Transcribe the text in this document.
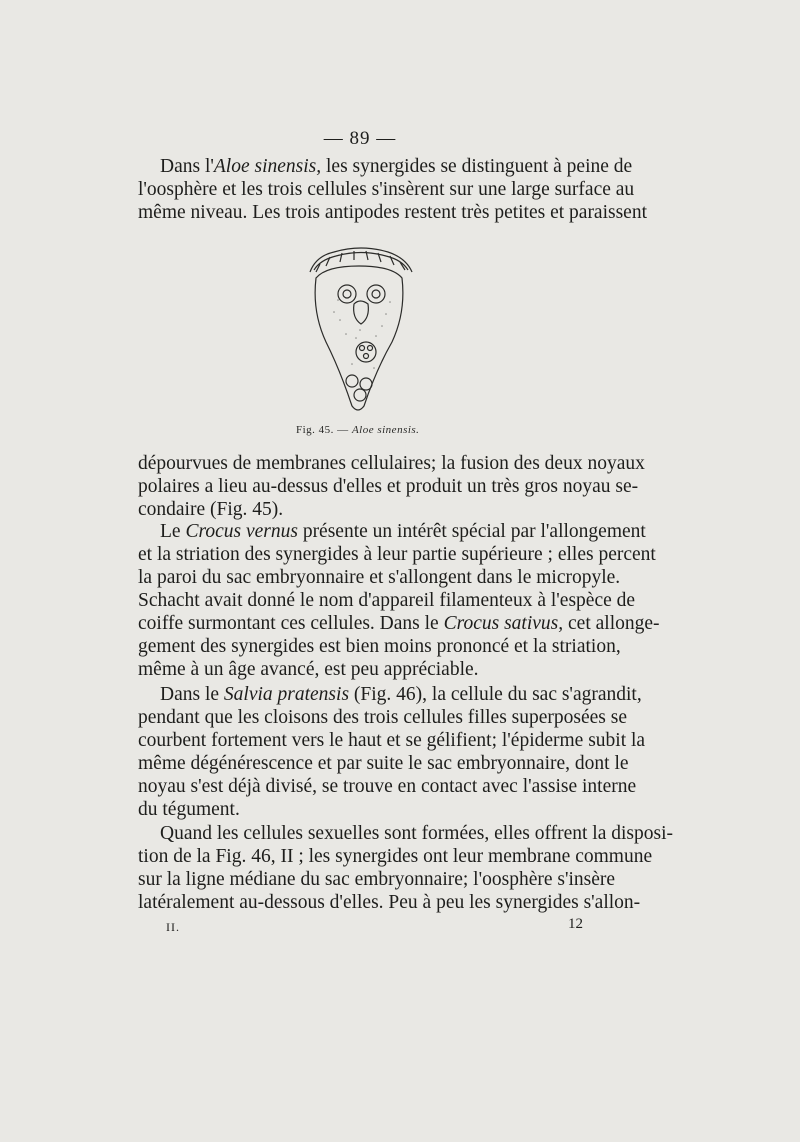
— 89 —
Dans l'Aloe sinensis, les synergides se distinguent à peine de
l'oosphère et les trois cellules s'insèrent sur une large surface au
même niveau. Les trois antipodes restent très petites et paraissent
Fig. 45. — Aloe sinensis.
dépourvues de membranes cellulaires; la fusion des deux noyaux
polaires a lieu au-dessus d'elles et produit un très gros noyau se-
condaire (Fig. 45).
Le Crocus vernus présente un intérêt spécial par l'allongement
et la striation des synergides à leur partie supérieure ; elles percent
la paroi du sac embryonnaire et s'allongent dans le micropyle.
Schacht avait donné le nom d'appareil filamenteux à l'espèce de
coiffe surmontant ces cellules. Dans le Crocus sativus, cet allonge-
gement des synergides est bien moins prononcé et la striation,
même à un âge avancé, est peu appréciable.
Dans le Salvia pratensis (Fig. 46), la cellule du sac s'agrandit,
pendant que les cloisons des trois cellules filles superposées se
courbent fortement vers le haut et se gélifient; l'épiderme subit la
même dégénérescence et par suite le sac embryonnaire, dont le
noyau s'est déjà divisé, se trouve en contact avec l'assise interne
du tégument.
Quand les cellules sexuelles sont formées, elles offrent la disposi-
tion de la Fig. 46, II ; les synergides ont leur membrane commune
sur la ligne médiane du sac embryonnaire; l'oosphère s'insère
latéralement au-dessous d'elles. Peu à peu les synergides s'allon-
II.	12
